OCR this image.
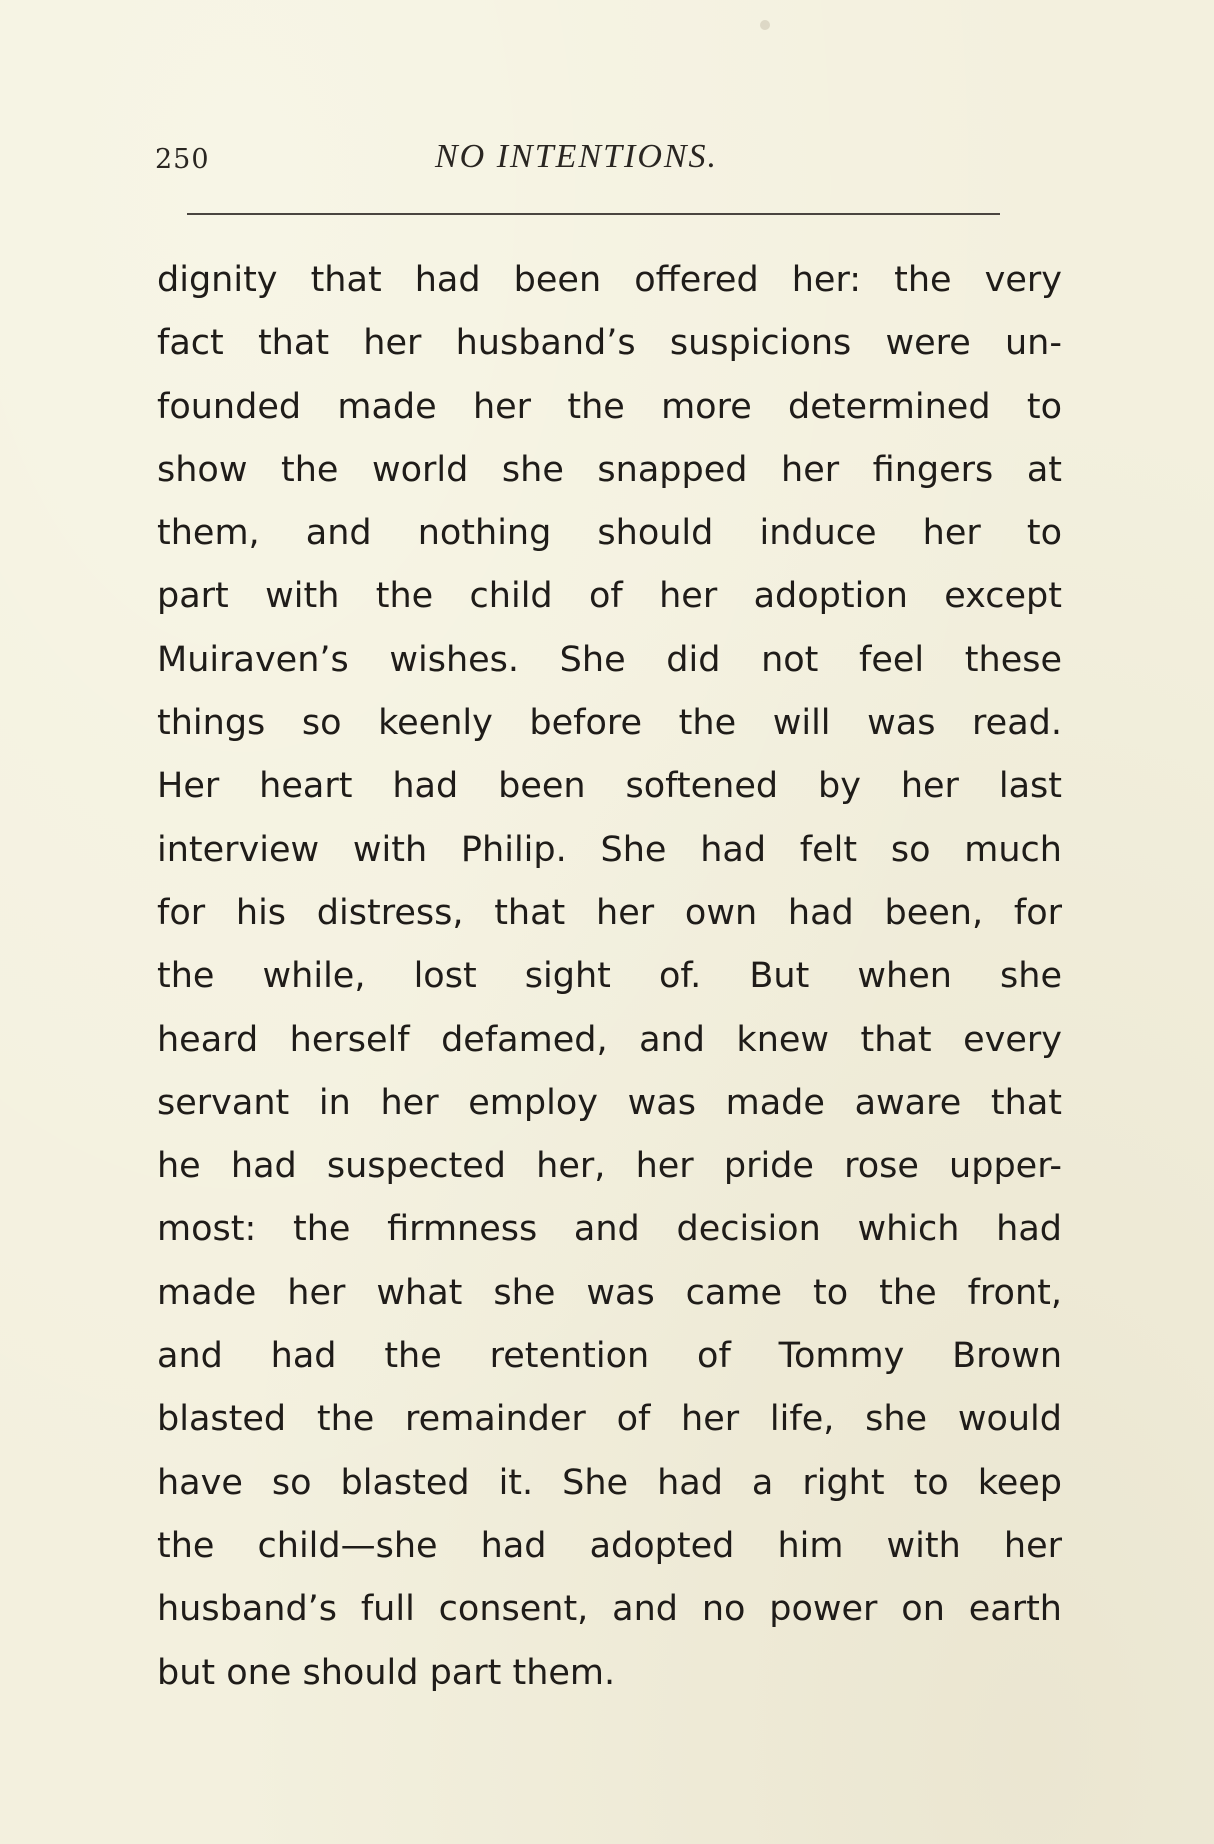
250	NO INTENTIONS.
dignity that had been offered her: the very
fact that her husband’s suspicions were un-
founded made her the more determined to
show the world she snapped her fingers at
them, and nothing should induce her to
part with the child of her adoption except
Muiraven’s wishes. She did not feel these
things so keenly before the will was read.
Her heart had been softened by her last
interview with Philip. She had felt so much
for his distress, that her own had been, for
the while, lost sight of. But when she
heard herself defamed, and knew that every
servant in her employ was made aware that
he had suspected her, her pride rose upper-
most: the firmness and decision which had
made her what she was came to the front,
and had the retention of Tommy Brown
blasted the remainder of her life, she would
have so blasted it. She had a right to keep
the child—she had adopted him with her
husband’s full consent, and no power on earth
but one should part them.
